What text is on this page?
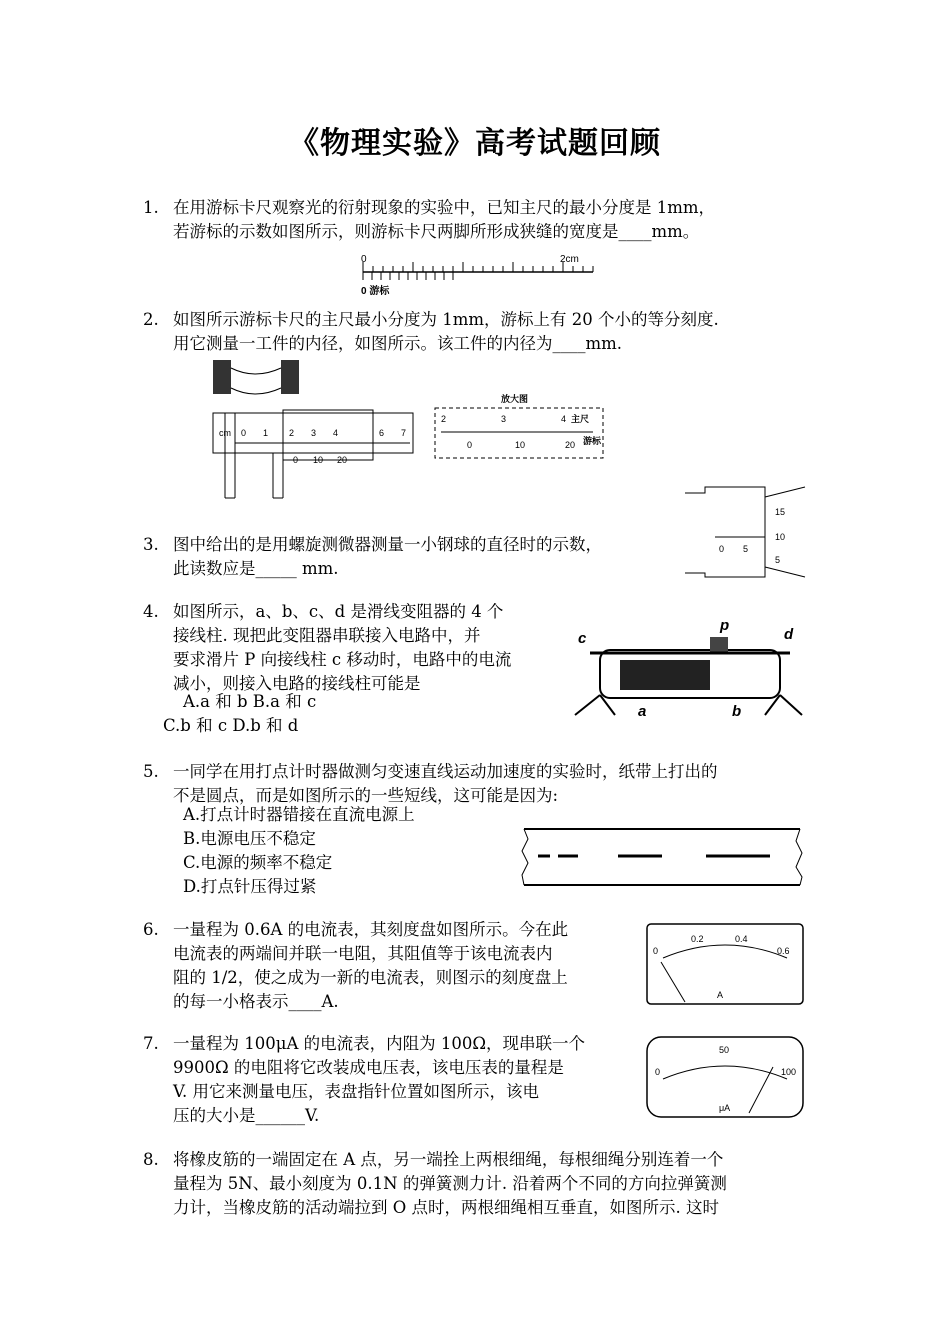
《物理实验》高考试题回顾
1. 在用游标卡尺观察光的衍射现象的实验中，已知主尺的最小分度是 1mm，
若游标的示数如图所示，则游标卡尺两脚所形成狭缝的宽度是____mm。
0	2cm
0 游标
2. 如图所示游标卡尺的主尺最小分度为 1mm，游标上有 20 个小的等分刻度.
用它测量一工件的内径，如图所示。该工件的内径为____mm.
cm 0 1 2 3 4	6 7
0 10 20
放大图
2	3	4 主尺
0	10	20 游标
3. 图中给出的是用螺旋测微器测量一小钢球的直径时的示数，
此读数应是_____ mm.
0 5
15
10
5
4. 如图所示，a、b、c、d 是滑线变阻器的 4 个
接线柱. 现把此变阻器串联接入电路中，并
要求滑片 P 向接线柱 c 移动时，电路中的电流
减小，则接入电路的接线柱可能是
A.a 和 b B.a 和 c
C.b 和 c D.b 和 d
c
p
d
a	b
5. 一同学在用打点计时器做测匀变速直线运动加速度的实验时，纸带上打出的
不是圆点，而是如图所示的一些短线，这可能是因为:
A.打点计时器错接在直流电源上
B.电源电压不稳定
C.电源的频率不稳定
D.打点针压得过紧
6. 一量程为 0.6A 的电流表，其刻度盘如图所示。今在此
电流表的两端间并联一电阻，其阻值等于该电流表内
阻的 1/2，使之成为一新的电流表，则图示的刻度盘上
的每一小格表示____A.
0
0.2	0.4
0.6
A
7. 一量程为 100μA 的电流表，内阻为 100Ω，现串联一个
9900Ω 的电阻将它改装成电压表，该电压表的量程是
V. 用它来测量电压，表盘指针位置如图所示，该电
压的大小是______V.
0
50
100
μA
8. 将橡皮筋的一端固定在 A 点，另一端拴上两根细绳，每根细绳分别连着一个
量程为 5N、最小刻度为 0.1N 的弹簧测力计. 沿着两个不同的方向拉弹簧测
力计，当橡皮筋的活动端拉到 O 点时，两根细绳相互垂直，如图所示. 这时
